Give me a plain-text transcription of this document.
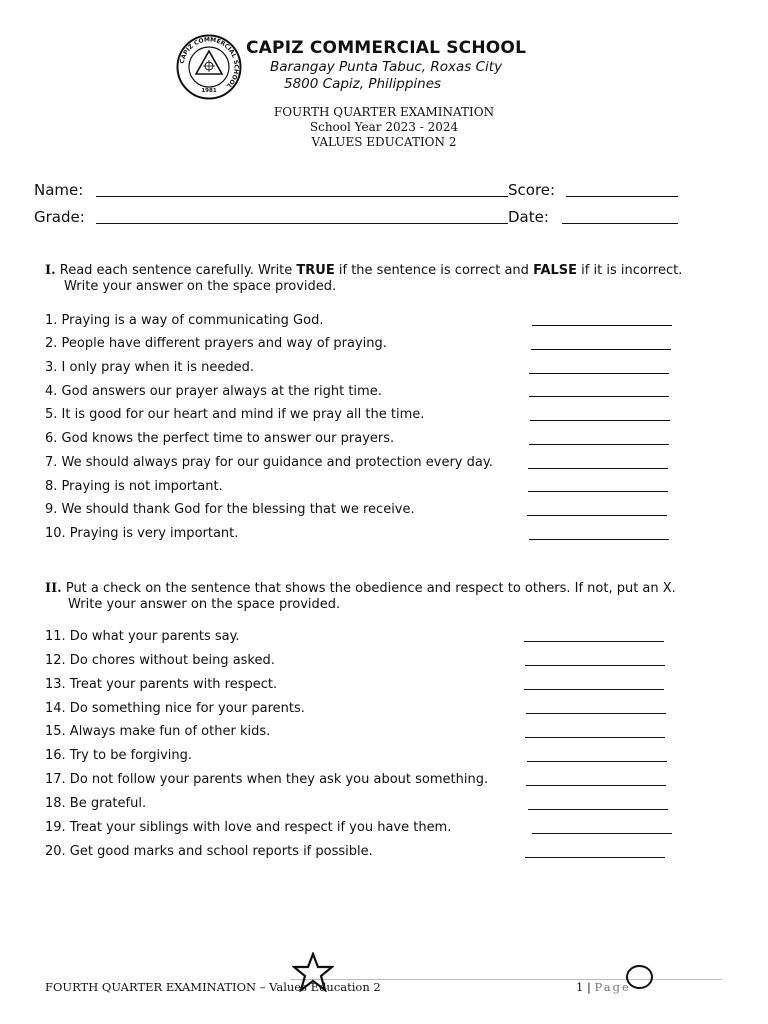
CAPIZ COMMERCIAL SCHOOL
1981
CAPIZ COMMERCIAL SCHOOL
Barangay Punta Tabuc, Roxas City
5800 Capiz, Philippines
FOURTH QUARTER EXAMINATION
School Year 2023 - 2024
VALUES EDUCATION 2
Name:	Score:
Grade:	Date:
I. Read each sentence carefully. Write TRUE if the sentence is correct and FALSE if it is incorrect.
Write your answer on the space provided.
1. Praying is a way of communicating God.
2. People have different prayers and way of praying.
3. I only pray when it is needed.
4. God answers our prayer always at the right time.
5. It is good for our heart and mind if we pray all the time.
6. God knows the perfect time to answer our prayers.
7. We should always pray for our guidance and protection every day.
8. Praying is not important.
9. We should thank God for the blessing that we receive.
10. Praying is very important.
II. Put a check on the sentence that shows the obedience and respect to others. If not, put an X.
Write your answer on the space provided.
11. Do what your parents say.
12. Do chores without being asked.
13. Treat your parents with respect.
14. Do something nice for your parents.
15. Always make fun of other kids.
16. Try to be forgiving.
17. Do not follow your parents when they ask you about something.
18. Be grateful.
19. Treat your siblings with love and respect if you have them.
20. Get good marks and school reports if possible.
FOURTH QUARTER EXAMINATION – Values Education 2	1 | Page
